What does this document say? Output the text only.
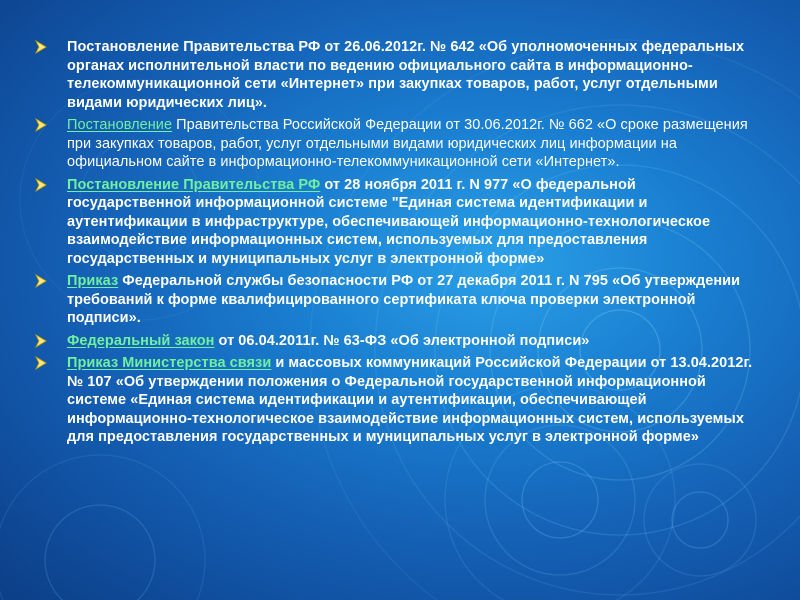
Постановление Правительства РФ от 26.06.2012г. № 642 «Об уполномоченных федеральных органах исполнительной власти по ведению официального сайта в информационно-телекоммуникационной сети «Интернет» при закупках товаров, работ, услуг отдельными видами юридических лиц».
Постановление Правительства Российской Федерации от 30.06.2012г. № 662 «О сроке размещения при закупках товаров, работ, услуг отдельными видами юридических лиц информации на официальном сайте в информационно-телекоммуникационной сети «Интернет».
Постановление Правительства РФ от 28 ноября 2011 г. N 977 «О федеральной государственной информационной системе "Единая система идентификации и аутентификации в инфраструктуре, обеспечивающей информационно-технологическое взаимодействие информационных систем, используемых для предоставления государственных и муниципальных услуг в электронной форме»
Приказ Федеральной службы безопасности РФ от 27 декабря 2011 г. N 795 «Об утверждении требований к форме квалифицированного сертификата ключа проверки электронной подписи».
Федеральный закон от 06.04.2011г. № 63-ФЗ «Об электронной подписи»
Приказ Министерства связи и массовых коммуникаций Российской Федерации от 13.04.2012г. № 107 «Об утверждении положения о Федеральной государственной информационной системе «Единая система идентификации и аутентификации, обеспечивающей информационно-технологическое взаимодействие информационных систем, используемых для предоставления государственных и муниципальных услуг в электронной форме»
